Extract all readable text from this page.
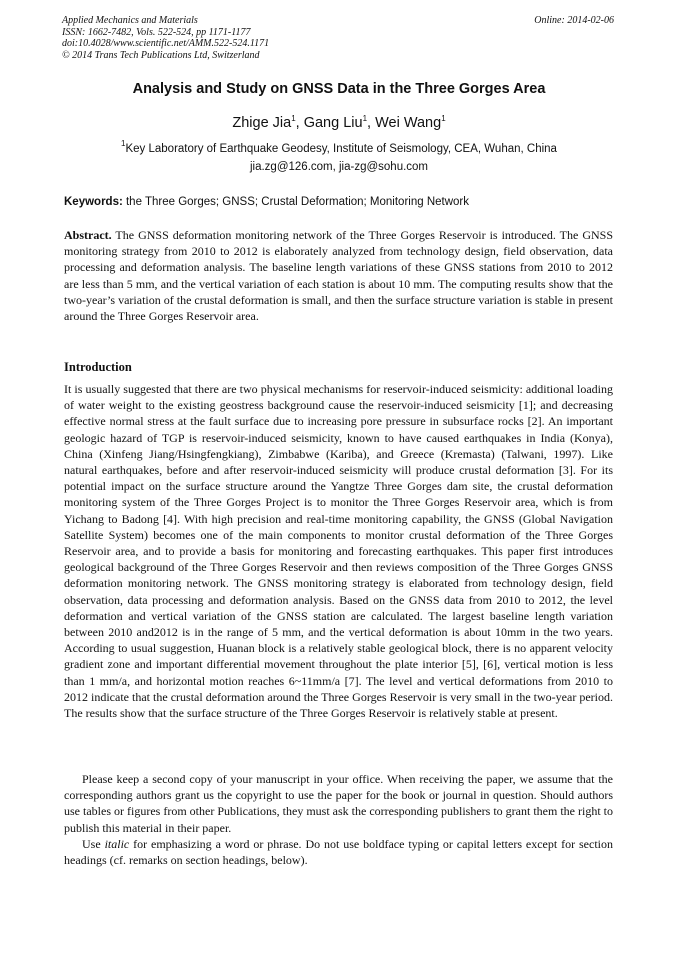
Applied Mechanics and Materials
ISSN: 1662-7482, Vols. 522-524, pp 1171-1177
doi:10.4028/www.scientific.net/AMM.522-524.1171
© 2014 Trans Tech Publications Ltd, Switzerland
Online: 2014-02-06
Analysis and Study on GNSS Data in the Three Gorges Area
Zhige Jia$^1$, Gang Liu$^1$, Wei Wang$^1$
$^1$Key Laboratory of Earthquake Geodesy, Institute of Seismology, CEA, Wuhan, China
jia.zg@126.com, jia-zg@sohu.com
Keywords: the Three Gorges; GNSS; Crustal Deformation; Monitoring Network

Abstract. The GNSS deformation monitoring network of the Three Gorges Reservoir is introduced. The GNSS monitoring strategy from 2010 to 2012 is elaborately analyzed from technology design, field observation, data processing and deformation analysis. The baseline length variations of these GNSS stations from 2010 to 2012 are less than 5 mm, and the vertical variation of each station is about 10 mm. The computing results show that the two-year’s variation of the crustal deformation is small, and then the surface structure variation is stable in present around the Three Gorges Reservoir area.

Introduction

It is usually suggested that there are two physical mechanisms for reservoir-induced seismicity: additional loading of water weight to the existing geostress background cause the reservoir-induced seismicity [1]; and decreasing effective normal stress at the fault surface due to increasing pore pressure in subsurface rocks [2]. An important geologic hazard of TGP is reservoir-induced seismicity, known to have caused earthquakes in India (Konya), China (Xinfeng Jiang/Hsingfengkiang), Zimbabwe (Kariba), and Greece (Kremasta) (Talwani, 1997). Like natural earthquakes, before and after reservoir-induced seismicity will produce crustal deformation [3]. For its potential impact on the surface structure around the Yangtze Three Gorges dam site, the crustal deformation monitoring system of the Three Gorges Project is to monitor the Three Gorges Reservoir area, which is from Yichang to Badong [4]. With high precision and real-time monitoring capability, the GNSS (Global Navigation Satellite System) becomes one of the main components to monitor crustal deformation of the Three Gorges Reservoir area, and to provide a basis for monitoring and forecasting earthquakes. This paper first introduces geological background of the Three Gorges Reservoir and then reviews composition of the Three Gorges GNSS deformation monitoring network. The GNSS monitoring strategy is elaborated from technology design, field observation, data processing and deformation analysis. Based on the GNSS data from 2010 to 2012, the level deformation and vertical variation of the GNSS station are calculated. The largest baseline length variation between 2010 and2012 is in the range of 5 mm, and the vertical deformation is about 10mm in the two years. According to usual suggestion, Huanan block is a relatively stable geological block, there is no apparent velocity gradient zone and important differential movement throughout the plate interior [5], [6], vertical motion is less than 1 mm/a, and horizontal motion reaches 6~11mm/a [7]. The level and vertical deformations from 2010 to 2012 indicate that the crustal deformation around the Three Gorges Reservoir is very small in the two-year period. The results show that the surface structure of the Three Gorges Reservoir is relatively stable at present.

Please keep a second copy of your manuscript in your office. When receiving the paper, we assume that the corresponding authors grant us the copyright to use the paper for the book or journal in question. Should authors use tables or figures from other Publications, they must ask the corresponding publishers to grant them the right to publish this material in their paper.

Use italic for emphasizing a word or phrase. Do not use boldface typing or capital letters except for section headings (cf. remarks on section headings, below).
